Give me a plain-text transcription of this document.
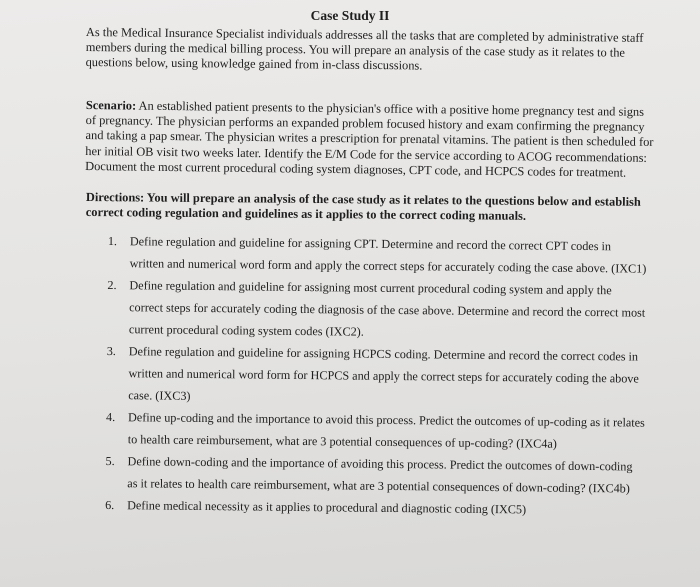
Case Study II

As the Medical Insurance Specialist individuals addresses all the tasks that are completed by administrative staff members during the medical billing process. You will prepare an analysis of the case study as it relates to the questions below, using knowledge gained from in-class discussions.

Scenario: An established patient presents to the physician's office with a positive home pregnancy test and signs of pregnancy. The physician performs an expanded problem focused history and exam confirming the pregnancy and taking a pap smear. The physician writes a prescription for prenatal vitamins. The patient is then scheduled for her initial OB visit two weeks later. Identify the E/M Code for the service according to ACOG recommendations: Document the most current procedural coding system diagnoses, CPT code, and HCPCS codes for treatment.

Directions: You will prepare an analysis of the case study as it relates to the questions below and establish correct coding regulation and guidelines as it applies to the correct coding manuals.

1. Define regulation and guideline for assigning CPT. Determine and record the correct CPT codes in written and numerical word form and apply the correct steps for accurately coding the case above. (IXC1)
2. Define regulation and guideline for assigning most current procedural coding system and apply the correct steps for accurately coding the diagnosis of the case above. Determine and record the correct most current procedural coding system codes (IXC2).
3. Define regulation and guideline for assigning HCPCS coding. Determine and record the correct codes in written and numerical word form for HCPCS and apply the correct steps for accurately coding the above case. (IXC3)
4. Define up-coding and the importance to avoid this process. Predict the outcomes of up-coding as it relates to health care reimbursement, what are 3 potential consequences of up-coding? (IXC4a)
5. Define down-coding and the importance of avoiding this process. Predict the outcomes of down-coding as it relates to health care reimbursement, what are 3 potential consequences of down-coding? (IXC4b)
6. Define medical necessity as it applies to procedural and diagnostic coding (IXC5)
